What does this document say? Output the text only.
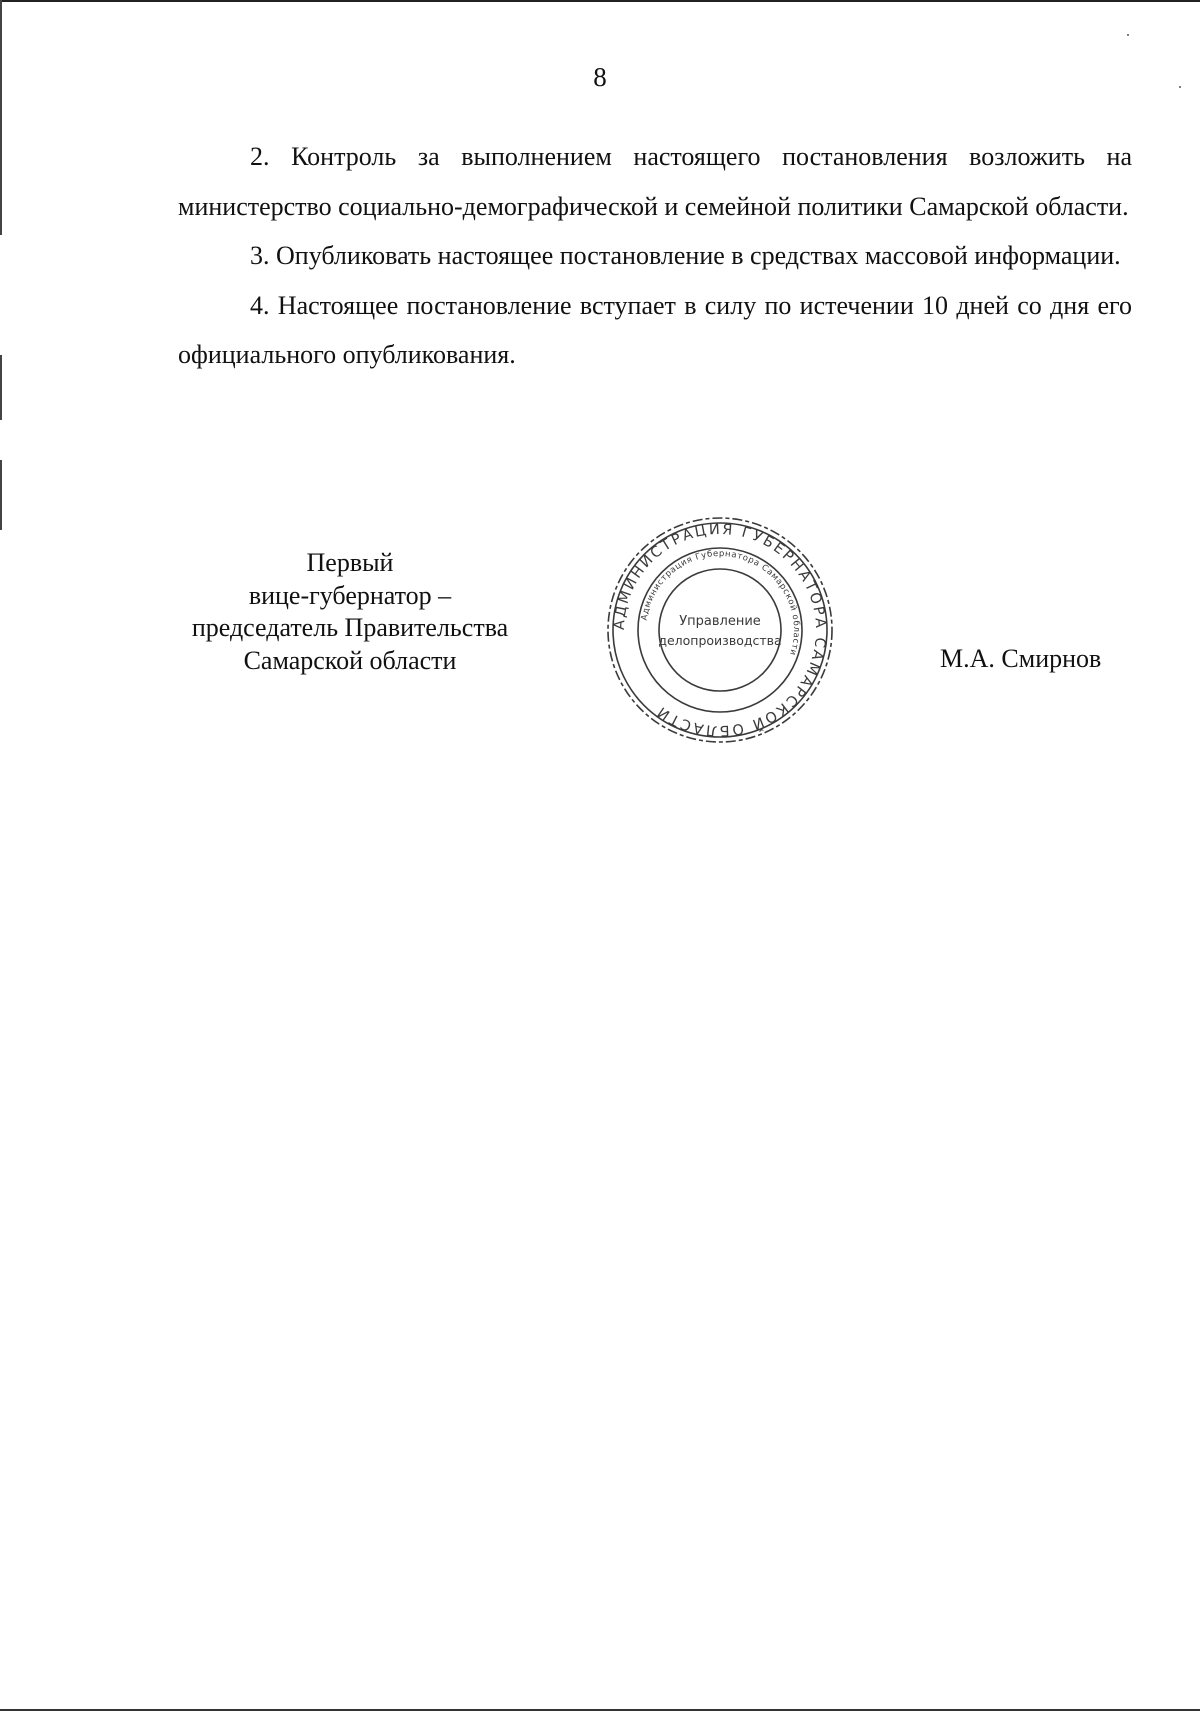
8

2. Контроль за выполнением настоящего постановления возложить на министерство социально-демографической и семейной политики Самарской области.

3. Опубликовать настоящее постановление в средствах массовой информации.

4. Настоящее постановление вступает в силу по истечении 10 дней со дня его официального опубликования.

Первый
вице-губернатор –
председатель Правительства
Самарской области
АДМИНИСТРАЦИЯ ГУБЕРНАТОРА САМАРСКОЙ ОБЛАСТИ
Администрация Губернатора Самарской области
Управление
делопроизводства
М.А. Смирнов
